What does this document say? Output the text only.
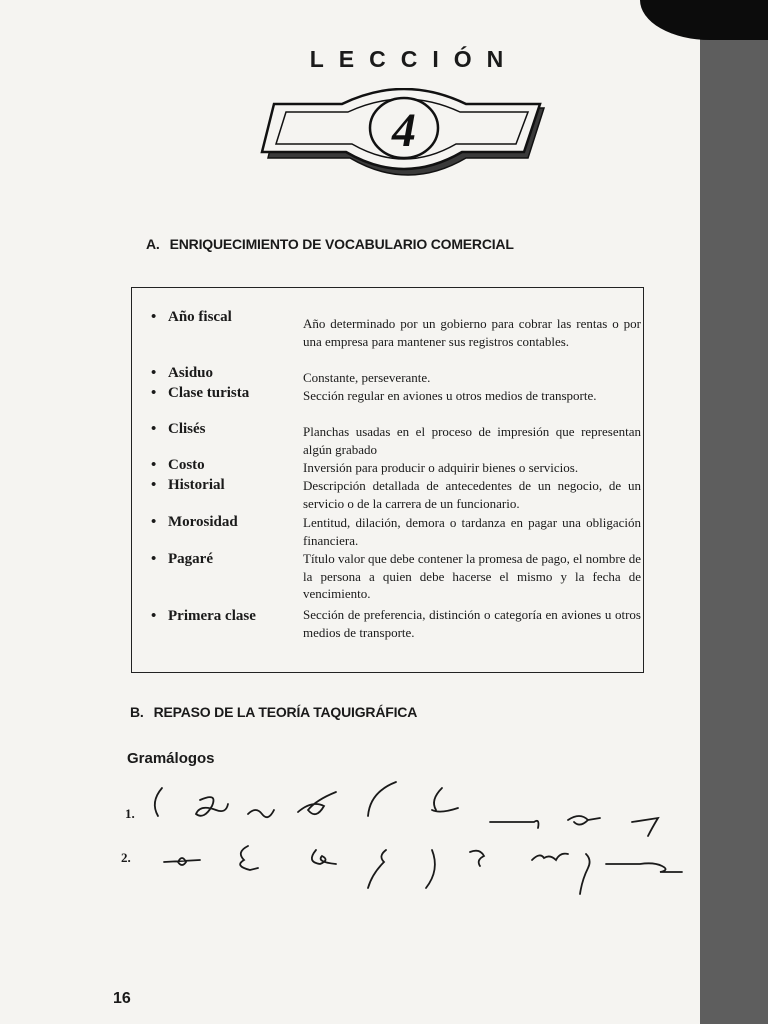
LECCIÓN
4
A. ENRIQUECIMIENTO DE VOCABULARIO COMERCIAL
• Año fiscal	Año determinado por un gobierno para cobrar las rentas o por una empresa para mantener sus registros contables.
• Asiduo	Constante, perseverante.
• Clase turista	Sección regular en aviones u otros medios de transporte.
• Clisés	Planchas usadas en el proceso de impresión que representan algún grabado
• Costo	Inversión para producir o adquirir bienes o servicios.
• Historial	Descripción detallada de antecedentes de un negocio, de un servicio o de la carrera de un funcionario.
• Morosidad	Lentitud, dilación, demora o tardanza en pagar una obligación financiera.
• Pagaré	Título valor que debe contener la promesa de pago, el nombre de la persona a quien debe hacerse el mismo y la fecha de vencimiento.
• Primera clase	Sección de preferencia, distinción o categoría en aviones u otros medios de transporte.
B. REPASO DE LA TEORÍA TAQUIGRÁFICA
Gramálogos
1.
2.
16
